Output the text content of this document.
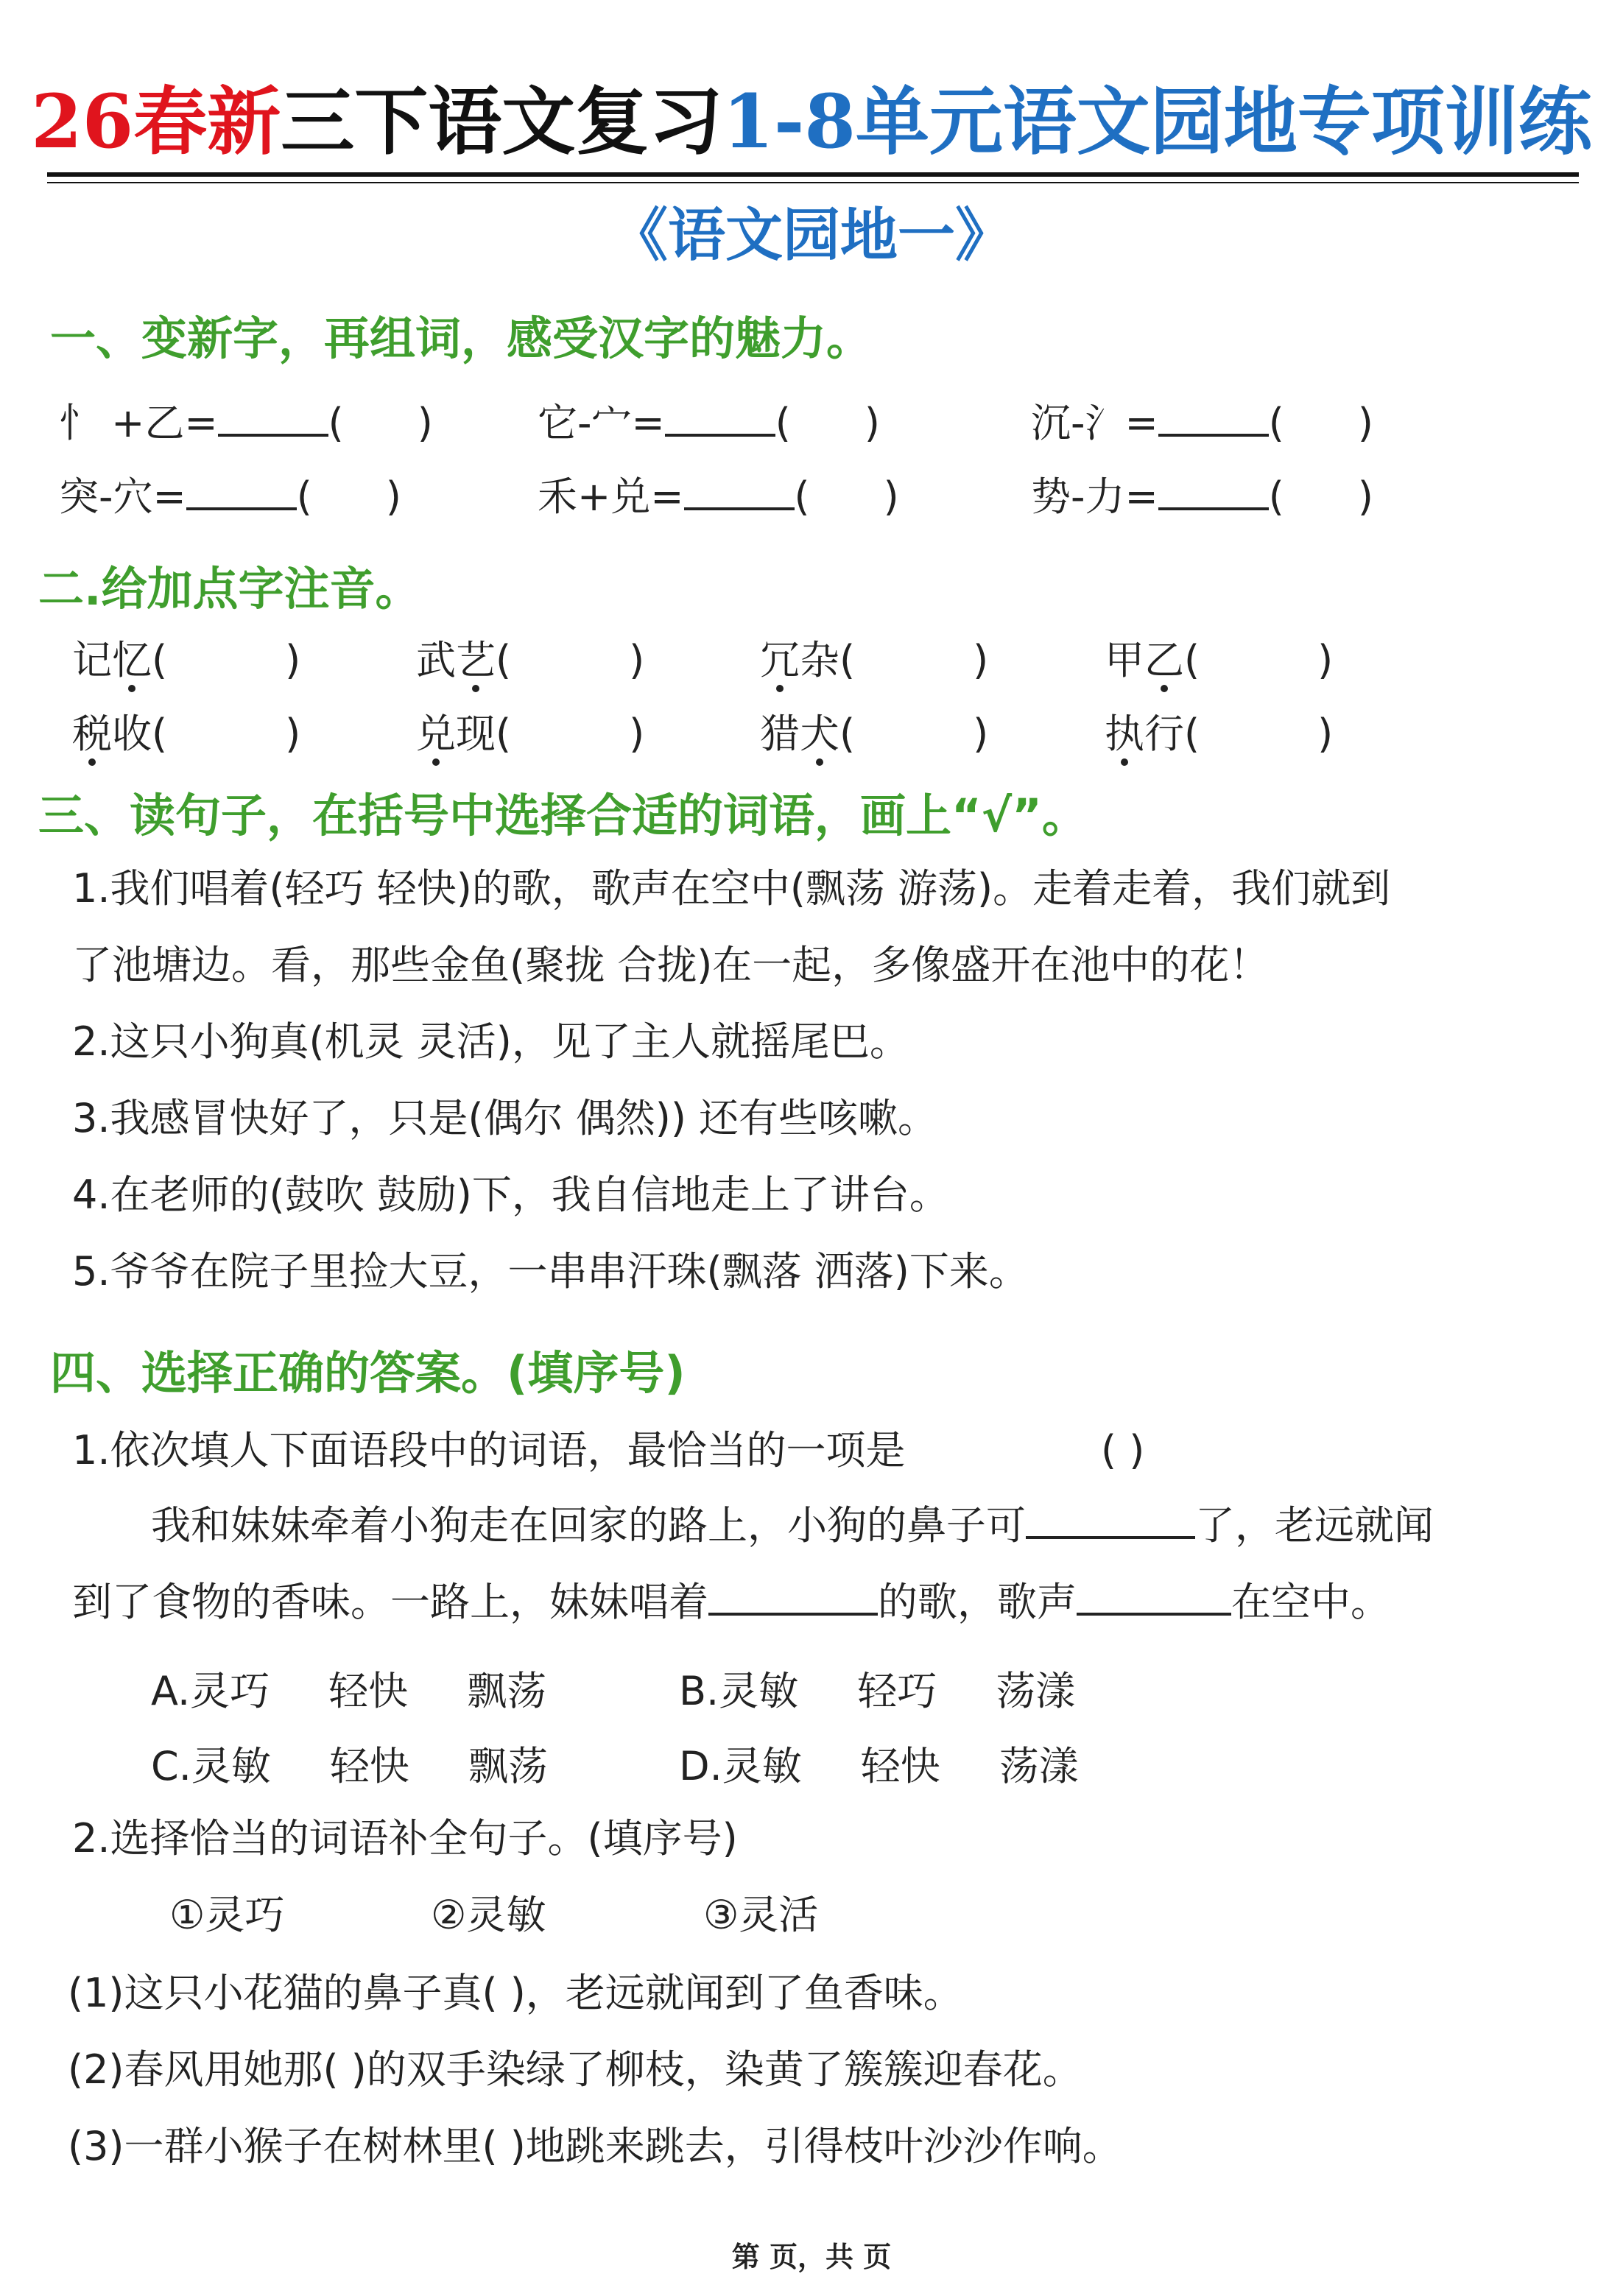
26春新三下语文复习1-8单元语文园地专项训练
《语文园地一》
一、变新字，再组词，感受汉字的魅力。
忄 +乙=	( )	它-宀=	( )	沉-氵=	( )
突-穴=	( )	禾+兑=	( )	势-力=	( )
二.给加点字注音。
记忆(	)	武艺(	)	冗杂(	)	甲乙(	)
税收(	)	兑现(	)	猎犬(	)	执行(	)
三、读句子，在括号中选择合适的词语，画上“√”。
1.我们唱着(轻巧 轻快)的歌，歌声在空中(飘荡 游荡)。走着走着，我们就到
了池塘边。看，那些金鱼(聚拢 合拢)在一起，多像盛开在池中的花！
2.这只小狗真(机灵 灵活)，见了主人就摇尾巴。
3.我感冒快好了，只是(偶尔 偶然)) 还有些咳嗽。
4.在老师的(鼓吹 鼓励)下，我自信地走上了讲台。
5.爷爷在院子里捡大豆，一串串汗珠(飘落 洒落)下来。
四、选择正确的答案。(填序号)
1.依次填人下面语段中的词语，最恰当的一项是	( )
我和妹妹牵着小狗走在回家的路上，小狗的鼻子可	了，老远就闻
到了食物的香味。一路上，妹妹唱着	的歌，歌声	在空中。
A.灵巧 轻快 飘荡	B.灵敏 轻巧 荡漾
C.灵敏 轻快 飘荡	D.灵敏 轻快 荡漾
2.选择恰当的词语补全句子。(填序号)
①灵巧	②灵敏	③灵活
(1)这只小花猫的鼻子真( )，老远就闻到了鱼香味。
(2)春风用她那( )的双手染绿了柳枝，染黄了簇簇迎春花。
(3)一群小猴子在树林里( )地跳来跳去，引得枝叶沙沙作响。
第 页，共 页
